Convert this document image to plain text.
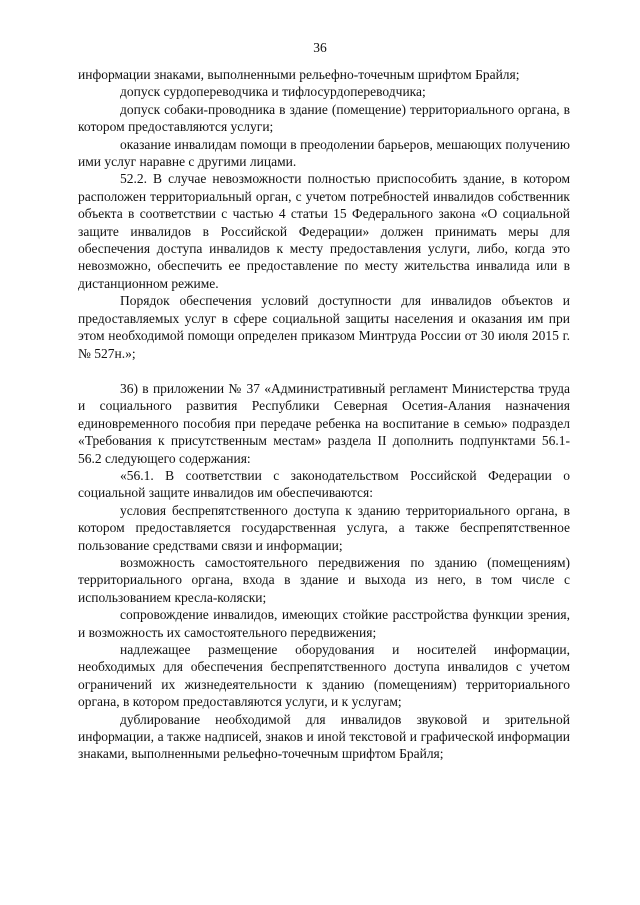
36

информации знаками, выполненными рельефно-точечным шрифтом Брайля;

допуск сурдопереводчика и тифлосурдопереводчика;

допуск собаки-проводника в здание (помещение) территориального органа, в котором предоставляются услуги;

оказание инвалидам помощи в преодолении барьеров, мешающих получению ими услуг наравне с другими лицами.

52.2. В случае невозможности полностью приспособить здание, в котором расположен территориальный орган, с учетом потребностей инвалидов собственник объекта в соответствии с частью 4 статьи 15 Федерального закона «О социальной защите инвалидов в Российской Федерации» должен принимать меры для обеспечения доступа инвалидов к месту предоставления услуги, либо, когда это невозможно, обеспечить ее предоставление по месту жительства инвалида или в дистанционном режиме.

Порядок обеспечения условий доступности для инвалидов объектов и предоставляемых услуг в сфере социальной защиты населения и оказания им при этом необходимой помощи определен приказом Минтруда России от 30 июля 2015 г. № 527н.»;

36) в приложении № 37 «Административный регламент Министерства труда и социального развития Республики Северная Осетия-Алания назначения единовременного пособия при передаче ребенка на воспитание в семью» подраздел «Требования к присутственным местам» раздела II дополнить подпунктами 56.1- 56.2 следующего содержания:

«56.1. В соответствии с законодательством Российской Федерации о социальной защите инвалидов им обеспечиваются:

условия беспрепятственного доступа к зданию территориального органа, в котором предоставляется государственная услуга, а также беспрепятственное пользование средствами связи и информации;

возможность самостоятельного передвижения по зданию (помещениям) территориального органа, входа в здание и выхода из него, в том числе с использованием кресла-коляски;

сопровождение инвалидов, имеющих стойкие расстройства функции зрения, и возможность их самостоятельного передвижения;

надлежащее размещение оборудования и носителей информации, необходимых для обеспечения беспрепятственного доступа инвалидов с учетом ограничений их жизнедеятельности к зданию (помещениям) территориального органа, в котором предоставляются услуги, и к услугам;

дублирование необходимой для инвалидов звуковой и зрительной информации, а также надписей, знаков и иной текстовой и графической информации знаками, выполненными рельефно-точечным шрифтом Брайля;
